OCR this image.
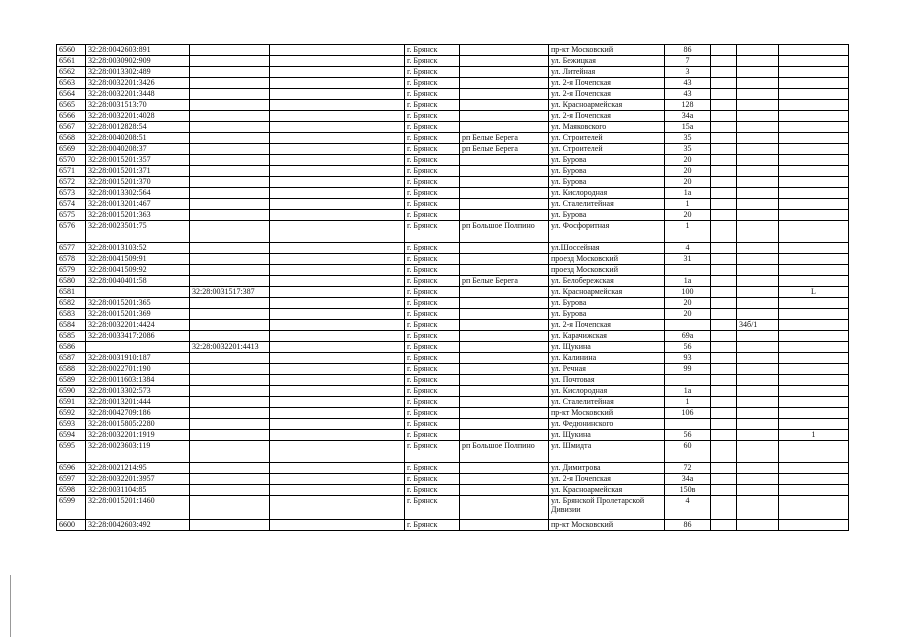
6560	32:28:0042603:891			г. Брянск		пр-кт Московский	86			
6561	32:28:0030902:909			г. Брянск		ул. Бежицкая	7			
6562	32:28:0013302:489			г. Брянск		ул. Литейная	3			
6563	32:28:0032201:3426			г. Брянск		ул. 2-я Почепская	43			
6564	32:28:0032201:3448			г. Брянск		ул. 2-я Почепская	43			
6565	32:28:0031513:70			г. Брянск		ул. Красноармейская	128			
6566	32:28:0032201:4028			г. Брянск		ул. 2-я Почепская	34а			
6567	32:28:0012828:54			г. Брянск		ул. Маяковского	15а			
6568	32:28:0040208:51			г. Брянск	рп Белые Берега	ул. Строителей	35			
6569	32:28:0040208:37			г. Брянск	рп Белые Берега	ул. Строителей	35			
6570	32:28:0015201:357			г. Брянск		ул. Бурова	20			
6571	32:28:0015201:371			г. Брянск		ул. Бурова	20			
6572	32:28:0015201:370			г. Брянск		ул. Бурова	20			
6573	32:28:0013302:564			г. Брянск		ул. Кислородная	1а			
6574	32:28:0013201:467			г. Брянск		ул. Сталелитейная	1			
6575	32:28:0015201:363			г. Брянск		ул. Бурова	20			
6576	32:28:0023501:75			г. Брянск	рп Большое Полпино	ул. Фосфоритная	1			
6577	32:28:0013103:52			г. Брянск		ул.Шоссейная	4			
6578	32:28:0041509:91			г. Брянск		проезд Московский	31			
6579	32:28:0041509:92			г. Брянск		проезд Московский				
6580	32:28:0040401:58			г. Брянск	рп Белые Берега	ул. Белобережская	1а			
6581		32:28:0031517:387		г. Брянск		ул. Красноармейская	100			L
6582	32:28:0015201:365			г. Брянск		ул. Бурова	20			
6583	32:28:0015201:369			г. Брянск		ул. Бурова	20			
6584	32:28:0032201:4424			г. Брянск		ул. 2-я Почепская			34б/1	
6585	32:28:0033417:2086			г. Брянск		ул. Карачижская	69а			
6586		32:28:0032201:4413		г. Брянск		ул. Щукина	56			
6587	32:28:0031910:187			г. Брянск		ул. Калинина	93			
6588	32:28:0022701:190			г. Брянск		ул. Речная	99			
6589	32:28:0011603:1384			г. Брянск		ул. Почтовая				
6590	32:28:0013302:573			г. Брянск		ул. Кислородная	1а			
6591	32:28:0013201:444			г. Брянск		ул. Сталелитейная	1			
6592	32:28:0042709:186			г. Брянск		пр-кт Московский	106			
6593	32:28:0015805:2280			г. Брянск		ул. Федюнинского				
6594	32:28:0032201:1919			г. Брянск		ул. Щукина	56			1
6595	32:28:0023603:119			г. Брянск	рп Большое Полпино	ул. Шмидта	60			
6596	32:28:0021214:95			г. Брянск		ул. Димитрова	72			
6597	32:28:0032201:3957			г. Брянск		ул. 2-я Почепская	34а			
6598	32:28:0031104:85			г. Брянск		ул. Красноармейская	150в			
6599	32:28:0015201:1460			г. Брянск		ул. Брянской Пролетарской Дивизии	4			
6600	32:28:0042603:492			г. Брянск		пр-кт Московский	86			
